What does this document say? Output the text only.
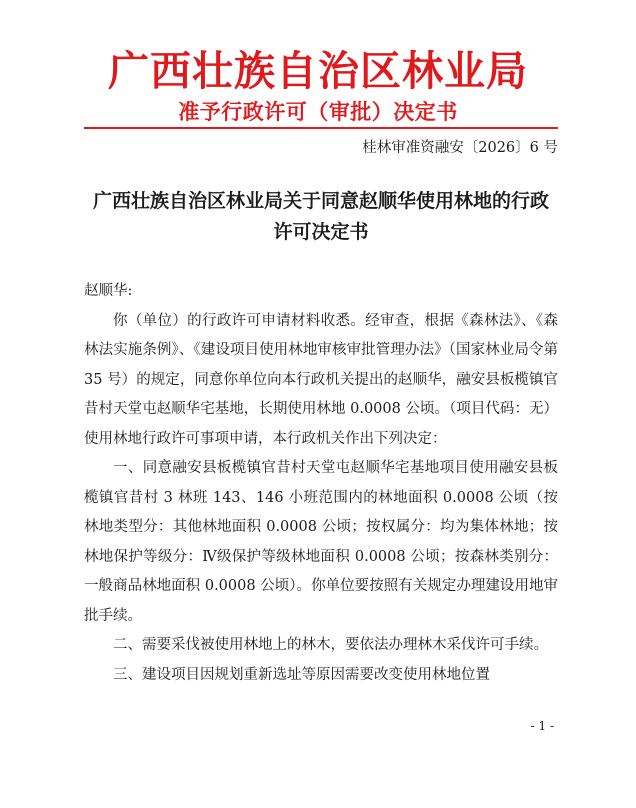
广西壮族自治区林业局
准予行政许可（审批）决定书
桂林审准资融安〔2026〕6 号
广西壮族自治区林业局关于同意赵顺华使用林地的行政许可决定书

赵顺华:

你（单位）的行政许可申请材料收悉。经审查，根据《森林法》、《森林法实施条例》、《建设项目使用林地审核审批管理办法》（国家林业局令第 35 号）的规定，同意你单位向本行政机关提出的赵顺华，融安县板榄镇官昔村天堂屯赵顺华宅基地，长期使用林地 0.0008 公顷。（项目代码：无）使用林地行政许可事项申请，本行政机关作出下列决定：

一、同意融安县板榄镇官昔村天堂屯赵顺华宅基地项目使用融安县板榄镇官昔村 3 林班 143、146 小班范围内的林地面积 0.0008 公顷（按林地类型分：其他林地面积 0.0008 公顷；按权属分：均为集体林地；按林地保护等级分：Ⅳ级保护等级林地面积 0.0008 公顷；按森林类别分：一般商品林地面积 0.0008 公顷）。你单位要按照有关规定办理建设用地审批手续。

二、需要采伐被使用林地上的林木，要依法办理林木采伐许可手续。

三、建设项目因规划重新选址等原因需要改变使用林地位置

- 1 -
